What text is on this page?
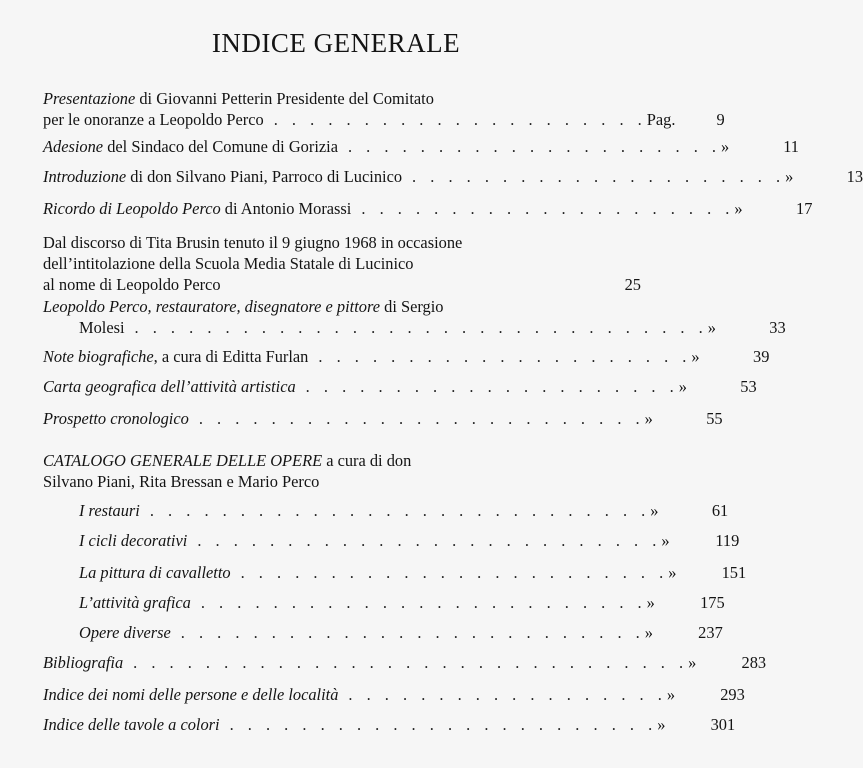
INDICE GENERALE
Presentazione di Giovanni Petterin Presidente del Comitato
per le onoranze a Leopoldo Perco . . . . . . . . . . . . . . . . . . . . . Pag.	9
Adesione del Sindaco del Comune di Gorizia . . . . . . . . . . . . . . . . . . . . . »	11
Introduzione di don Silvano Piani, Parroco di Lucinico . . . . . . . . . . . . . . . . . . . . . »	13
Ricordo di Leopoldo Perco di Antonio Morassi . . . . . . . . . . . . . . . . . . . . . »	17
Dal discorso di Tita Brusin tenuto il 9 giugno 1968 in occasione
dell’intitolazione della Scuola Media Statale di Lucinico
al nome di Leopoldo Perco	25
Leopoldo Perco, restauratore, disegnatore e pittore di Sergio
Molesi . . . . . . . . . . . . . . . . . . . . . . . . . . . . . . . . »	33
Note biografiche, a cura di Editta Furlan . . . . . . . . . . . . . . . . . . . . . »	39
Carta geografica dell’attività artistica . . . . . . . . . . . . . . . . . . . . . »	53
Prospetto cronologico . . . . . . . . . . . . . . . . . . . . . . . . . »	55
CATALOGO GENERALE DELLE OPERE a cura di don
Silvano Piani, Rita Bressan e Mario Perco
I restauri . . . . . . . . . . . . . . . . . . . . . . . . . . . . »	61
I cicli decorativi . . . . . . . . . . . . . . . . . . . . . . . . . . »	119
La pittura di cavalletto . . . . . . . . . . . . . . . . . . . . . . . . »	151
L’attività grafica . . . . . . . . . . . . . . . . . . . . . . . . . »	175
Opere diverse . . . . . . . . . . . . . . . . . . . . . . . . . . »	237
Bibliografia . . . . . . . . . . . . . . . . . . . . . . . . . . . . . . . »	283
Indice dei nomi delle persone e delle località . . . . . . . . . . . . . . . . . . »	293
Indice delle tavole a colori . . . . . . . . . . . . . . . . . . . . . . . . »	301
